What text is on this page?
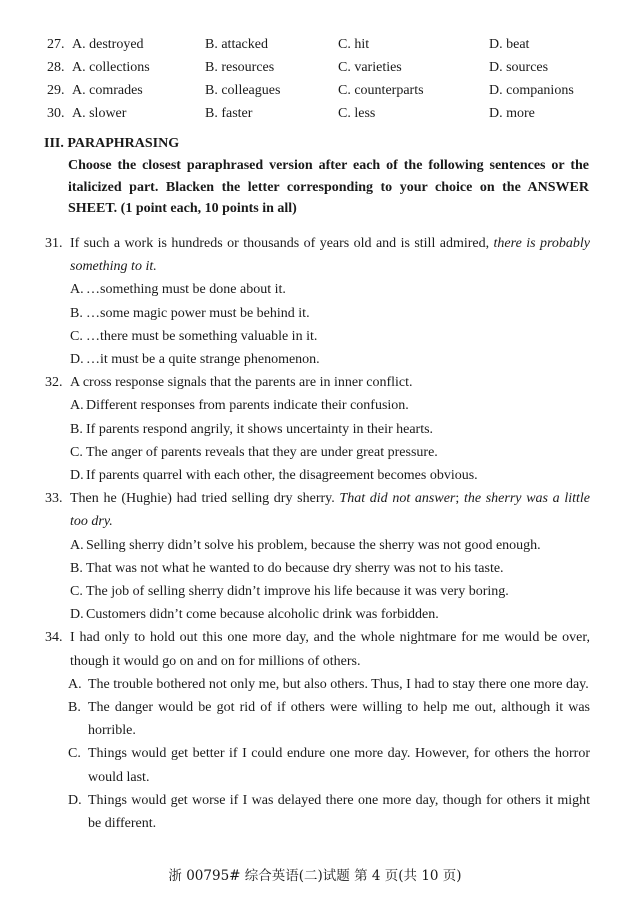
27. A. destroyed	B. attacked	C. hit	D. beat
28. A. collections	B. resources	C. varieties	D. sources
29. A. comrades	B. colleagues	C. counterparts	D. companions
30. A. slower	B. faster	C. less	D. more
III. PARAPHRASING
Choose the closest paraphrased version after each of the following sentences or the italicized part. Blacken the letter corresponding to your choice on the ANSWER SHEET. (1 point each, 10 points in all)
31. If such a work is hundreds or thousands of years old and is still admired, there is probably something to it.
A. …something must be done about it.
B. …some magic power must be behind it.
C. …there must be something valuable in it.
D. …it must be a quite strange phenomenon.
32. A cross response signals that the parents are in inner conflict.
A. Different responses from parents indicate their confusion.
B. If parents respond angrily, it shows uncertainty in their hearts.
C. The anger of parents reveals that they are under great pressure.
D. If parents quarrel with each other, the disagreement becomes obvious.
33. Then he (Hughie) had tried selling dry sherry. That did not answer; the sherry was a little too dry.
A. Selling sherry didn’t solve his problem, because the sherry was not good enough.
B. That was not what he wanted to do because dry sherry was not to his taste.
C. The job of selling sherry didn’t improve his life because it was very boring.
D. Customers didn’t come because alcoholic drink was forbidden.
34. I had only to hold out this one more day, and the whole nightmare for me would be over, though it would go on and on for millions of others.
A. The trouble bothered not only me, but also others. Thus, I had to stay there one more day.
B. The danger would be got rid of if others were willing to help me out, although it was horrible.
C. Things would get better if I could endure one more day. However, for others the horror would last.
D. Things would get worse if I was delayed there one more day, though for others it might be different.
浙 00795# 综合英语(二)试题 第 4 页(共 10 页)
